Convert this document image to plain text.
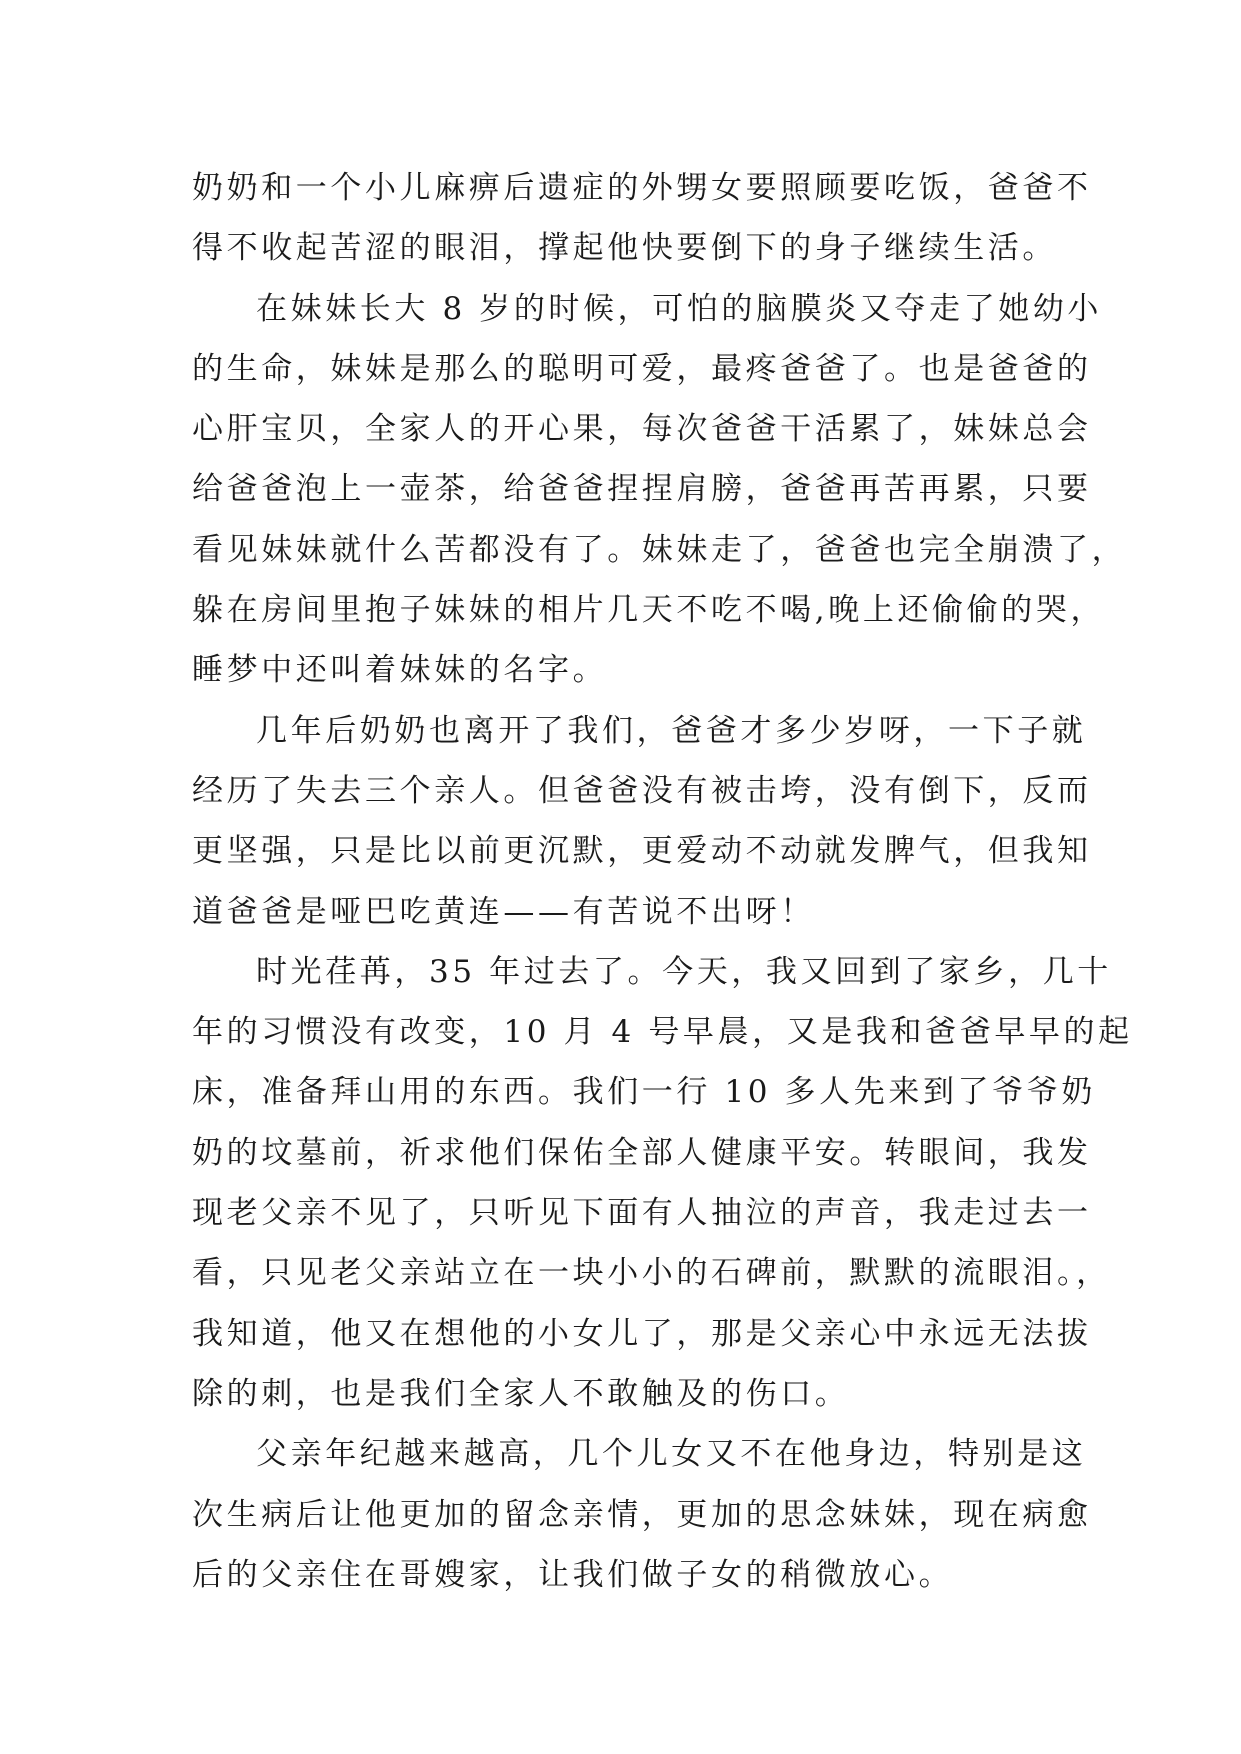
奶奶和一个小儿麻痹后遗症的外甥女要照顾要吃饭，爸爸不
得不收起苦涩的眼泪，撑起他快要倒下的身子继续生活。
在妹妹长大 8 岁的时候，可怕的脑膜炎又夺走了她幼小
的生命，妹妹是那么的聪明可爱，最疼爸爸了。也是爸爸的
心肝宝贝，全家人的开心果，每次爸爸干活累了，妹妹总会
给爸爸泡上一壶茶，给爸爸捏捏肩膀，爸爸再苦再累，只要
看见妹妹就什么苦都没有了。妹妹走了，爸爸也完全崩溃了，
躲在房间里抱子妹妹的相片几天不吃不喝,晚上还偷偷的哭，
睡梦中还叫着妹妹的名字。
几年后奶奶也离开了我们，爸爸才多少岁呀，一下子就
经历了失去三个亲人。但爸爸没有被击垮，没有倒下，反而
更坚强，只是比以前更沉默，更爱动不动就发脾气，但我知
道爸爸是哑巴吃黄连——有苦说不出呀！
时光荏苒，35 年过去了。今天，我又回到了家乡，几十
年的习惯没有改变，10 月 4 号早晨，又是我和爸爸早早的起
床，准备拜山用的东西。我们一行 10 多人先来到了爷爷奶
奶的坟墓前，祈求他们保佑全部人健康平安。转眼间，我发
现老父亲不见了，只听见下面有人抽泣的声音，我走过去一
看，只见老父亲站立在一块小小的石碑前，默默的流眼泪。，
我知道，他又在想他的小女儿了，那是父亲心中永远无法拔
除的刺，也是我们全家人不敢触及的伤口。
父亲年纪越来越高，几个儿女又不在他身边，特别是这
次生病后让他更加的留念亲情，更加的思念妹妹，现在病愈
后的父亲住在哥嫂家，让我们做子女的稍微放心。
